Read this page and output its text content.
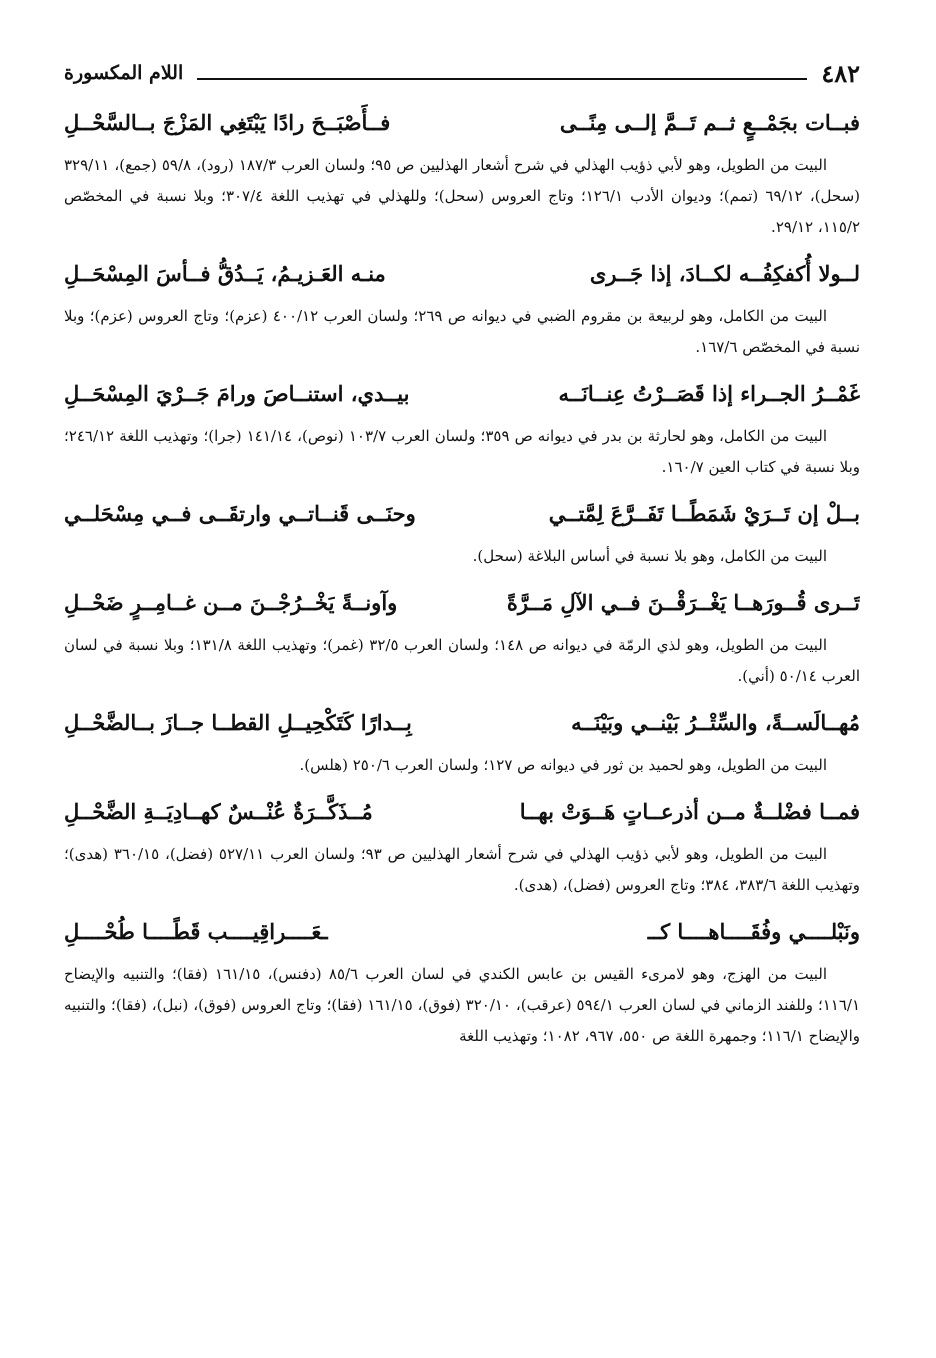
٤٨٢
اللام المكسورة
فبــات بجَمْــعٍ ثــم تَــمَّ إلــى مِنًــى
فــأَصْبَــحَ رادًا يَبْتَغِي المَزْجَ بــالسَّحْــلِ

البيت من الطويل، وهو لأبي ذؤيب الهذلي في شرح أشعار الهذليين ص ٩٥؛ ولسان العرب ١٨٧/٣ (رود)، ٥٩/٨ (جمع)، ٣٢٩/١١ (سحل)، ٦٩/١٢ (تمم)؛ وديوان الأدب ١٢٦/١؛ وتاج العروس (سحل)؛ وللهذلي في تهذيب اللغة ٣٠٧/٤؛ وبلا نسبة في المخصّص ١١٥/٢، ٢٩/١٢.

لــولا أُكفكِفُــه لكــادَ، إذا جَــرى
منـه العَـزيـمُ، يَــدُقُّ فــأسَ المِسْحَــلِ

البيت من الكامل، وهو لربيعة بن مقروم الضبي في ديوانه ص ٢٦٩؛ ولسان العرب ٤٠٠/١٢ (عزم)؛ وتاج العروس (عزم)؛ وبلا نسبة في المخصّص ١٦٧/٦.

غَمْــرُ الجــراء إذا قَصَــرْتُ عِنــانَــه
بيــدي، استنــاصَ ورامَ جَــرْيَ المِسْحَــلِ

البيت من الكامل، وهو لحارثة بن بدر في ديوانه ص ٣٥٩؛ ولسان العرب ١٠٣/٧ (نوص)، ١٤١/١٤ (جرا)؛ وتهذيب اللغة ٢٤٦/١٢؛ وبلا نسبة في كتاب العين ١٦٠/٧.

بــلْ إن تَــرَيْ شَمَطًــا تَفَــرَّعَ لِمَّتــي
وحنَــى قَنــاتــي وارتقَــى فــي مِسْحَلــي

البيت من الكامل، وهو بلا نسبة في أساس البلاغة (سحل).

تَــرى قُــورَهــا يَغْــرَقْــنَ فــي الآلِ مَــرَّةً
وآونــةً يَخْــرُجْــنَ مــن غــامِــرٍ ضَحْــلِ

البيت من الطويل، وهو لذي الرمّة في ديوانه ص ١٤٨؛ ولسان العرب ٣٢/٥ (غمر)؛ وتهذيب اللغة ١٣١/٨؛ وبلا نسبة في لسان العرب ٥٠/١٤ (أني).

مُهــالَســةً، والسِّتْــرُ بَيْنــي وبَيْنَــه
بِــدارًا كَتَكْحِيــلِ القطــا جــازَ بــالضَّحْــلِ

البيت من الطويل، وهو لحميد بن ثور في ديوانه ص ١٢٧؛ ولسان العرب ٢٥٠/٦ (هلس).

فمــا فضْلــةٌ مــن أذرعــاتٍ هَــوَتْ بهــا
مُــذَكَّــرَةٌ عُنْــسٌ كهــادِيَــةِ الضَّحْــلِ

البيت من الطويل، وهو لأبي ذؤيب الهذلي في شرح أشعار الهذليين ص ٩٣؛ ولسان العرب ٥٢٧/١١ (فضل)، ٣٦٠/١٥ (هدى)؛ وتهذيب اللغة ٣٨٣/٦، ٣٨٤؛ وتاج العروس (فضل)، (هدى).

ونَبْلــــي وفُقَــــاهــــا كــ
ـعَــــراقِيــــب قَطًــــا طُحْــــلِ

البيت من الهزج، وهو لامرىء القيس بن عابس الكندي في لسان العرب ٨٥/٦ (دفنس)، ١٦١/١٥ (فقا)؛ والتنبيه والإيضاح ١١٦/١؛ وللفند الزماني في لسان العرب ٥٩٤/١ (عرقب)، ٣٢٠/١٠ (فوق)، ١٦١/١٥ (فقا)؛ وتاج العروس (فوق)، (نبل)، (فقا)؛ والتنبيه والإيضاح ١١٦/١؛ وجمهرة اللغة ص ٥٥٠، ٩٦٧، ١٠٨٢؛ وتهذيب اللغة
